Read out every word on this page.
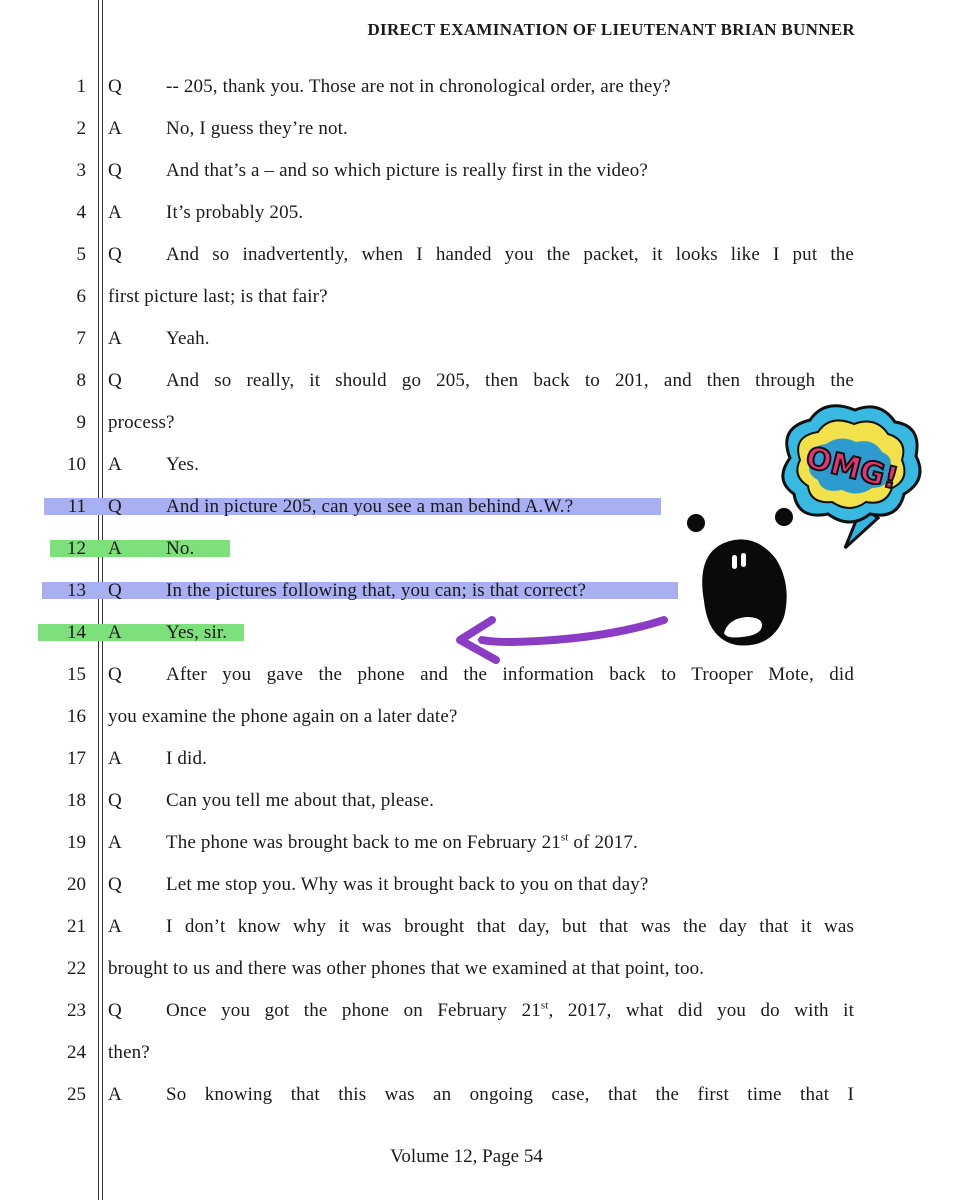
DIRECT EXAMINATION OF LIEUTENANT BRIAN BUNNER
1 Q -- 205, thank you. Those are not in chronological order, are they?
2 A No, I guess they’re not.
3 Q And that’s a – and so which picture is really first in the video?
4 A It’s probably 205.
5 Q And so inadvertently, when I handed you the packet, it looks like I put the
6 first picture last; is that fair?
7 A Yeah.
8 Q And so really, it should go 205, then back to 201, and then through the
9 process?
10 A Yes.
11 Q And in picture 205, can you see a man behind A.W.?
12 A No.
13 Q In the pictures following that, you can; is that correct?
14 A Yes, sir.
15 Q After you gave the phone and the information back to Trooper Mote, did
16 you examine the phone again on a later date?
17 A I did.
18 Q Can you tell me about that, please.
19 A The phone was brought back to me on February 21st of 2017.
20 Q Let me stop you. Why was it brought back to you on that day?
21 A I don’t know why it was brought that day, but that was the day that it was
22 brought to us and there was other phones that we examined at that point, too.
23 Q Once you got the phone on February 21st, 2017, what did you do with it
24 then?
25 A So knowing that this was an ongoing case, that the first time that I
Volume 12, Page 54
OMG!
